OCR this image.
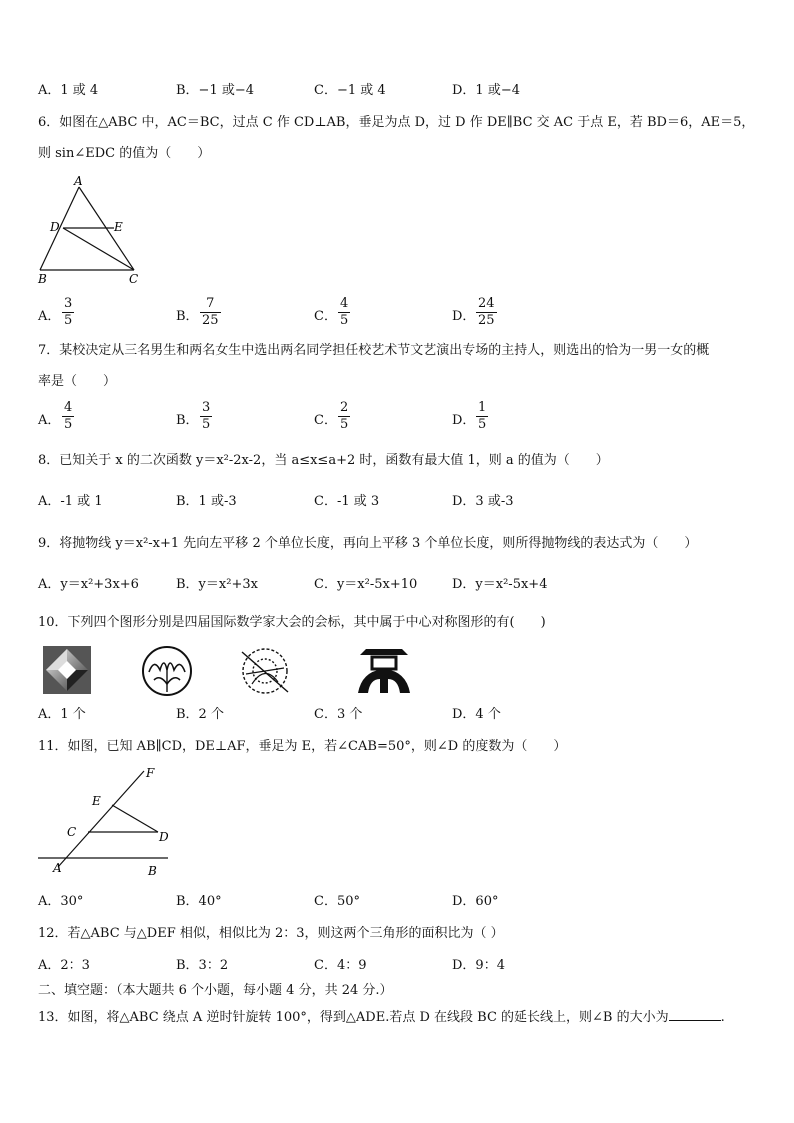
A．1 或 4	B．−1 或−4	C．−1 或 4	D．1 或−4
6．如图在△ABC 中，AC＝BC，过点 C 作 CD⊥AB，垂足为点 D，过 D 作 DE∥BC 交 AC 于点 E，若 BD＝6，AE＝5，
则 sin∠EDC 的值为（　　）
A
D	E
B	C
A． $\frac{3}{5}$	B． $\frac{7}{25}$	C． $\frac{4}{5}$	D． $\frac{24}{25}$
7．某校决定从三名男生和两名女生中选出两名同学担任校艺术节文艺演出专场的主持人，则选出的恰为一男一女的概
率是（　　）
A． $\frac{4}{5}$	B． $\frac{3}{5}$	C． $\frac{2}{5}$	D． $\frac{1}{5}$
8．已知关于 x 的二次函数 y＝x²-2x-2，当 a≤x≤a+2 时，函数有最大值 1，则 a 的值为（　　）
A．-1 或 1	B．1 或-3	C．-1 或 3	D．3 或-3
9．将抛物线 y＝x²-x+1 先向左平移 2 个单位长度，再向上平移 3 个单位长度，则所得抛物线的表达式为（　　）
A．y＝x²+3x+6	B．y＝x²+3x	C．y＝x²-5x+10	D．y＝x²-5x+4
10．下列四个图形分别是四届国际数学家大会的会标，其中属于中心对称图形的有(　　)
A．1 个	B．2 个	C．3 个	D．4 个
11．如图，已知 AB∥CD，DE⊥AF，垂足为 E，若∠CAB=50°，则∠D 的度数为（　　）
F
E
C	D
A	B
A．30°	B．40°	C．50°	D．60°
12．若△ABC 与△DEF 相似，相似比为 2：3，则这两个三角形的面积比为（ ）
A．2：3	B．3：2	C．4：9	D．9：4
二、填空题：（本大题共 6 个小题，每小题 4 分，共 24 分.）
13．如图，将△ABC 绕点 A 逆时针旋转 100°，得到△ADE.若点 D 在线段 BC 的延长线上，则∠B 的大小为	.
